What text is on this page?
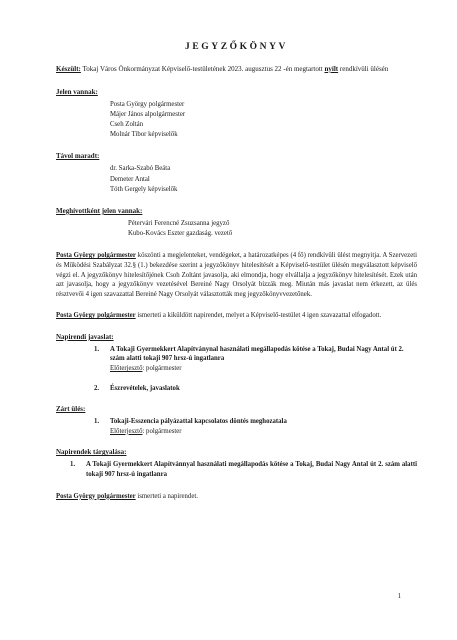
JEGYZŐKÖNYV
Készült: Tokaj Város Önkormányzat Képviselő-testületének 2023. augusztus 22 -én megtartott nyílt rendkívüli ülésén
Jelen vannak:
Posta György polgármester
Májer János alpolgármester
Cseh Zoltán
Molnár Tibor képviselők
Távol maradt:
dr. Sarka-Szabó Beáta
Demeter Antal
Tóth Gergely képviselők
Meghívottként jelen vannak:
Pétervári Ferencné Zsuzsanna jegyző
Kubo-Kovács Eszter gazdaság. vezető
Posta György polgármester köszönti a megjelenteket, vendégeket, a határozatképes (4 fő) rendkívüli ülést megnyitja. A Szervezeti és Működési Szabályzat 32.§ (1.) bekezdése szerint a jegyzőkönyv hitelesítését a Képviselő-testület ülésén megválasztott képviselő végzi el. A jegyzőkönyv hitelesítőjének Csoh Zoltánt javasolja, aki elmondja, hogy elvállalja a jegyzőkönyv hitelesítését. Ezek után azt javasolja, hogy a jegyzőkönyv vezetésével Bereiné Nagy Orsolyát bízzák meg. Miután más javaslat nem érkezett, az ülés résztvevői 4 igen szavazattal Bereiné Nagy Orsolyát választották meg jegyzőkönyvvezetőnek.
Posta György polgármester ismerteti a kiküldött napirendet, melyet a Képviselő-testület 4 igen szavazattal elfogadott.
Napirendi javaslat:
1.	A Tokaji Gyermekkert Alapítványnal használati megállapodás kötése a Tokaj, Budai Nagy Antal út 2. szám alatti tokaji 907 hrsz-ú ingatlanra
Előterjesztő: polgármester
2.	Észrevételek, javaslatok
Zárt ülés:
1.	Tokaji-Esszencia pályázattal kapcsolatos döntés meghozatala
Előterjesztő: polgármester
Napirendek tárgyalása:
1.	A Tokaji Gyermekkert Alapítvánnyal használati megállapodás kötése a Tokaj, Budai Nagy Antal út 2. szám alatti tokaji 907 hrsz-ú ingatlanra
Posta György polgármester ismerteti a napirendet.
1
